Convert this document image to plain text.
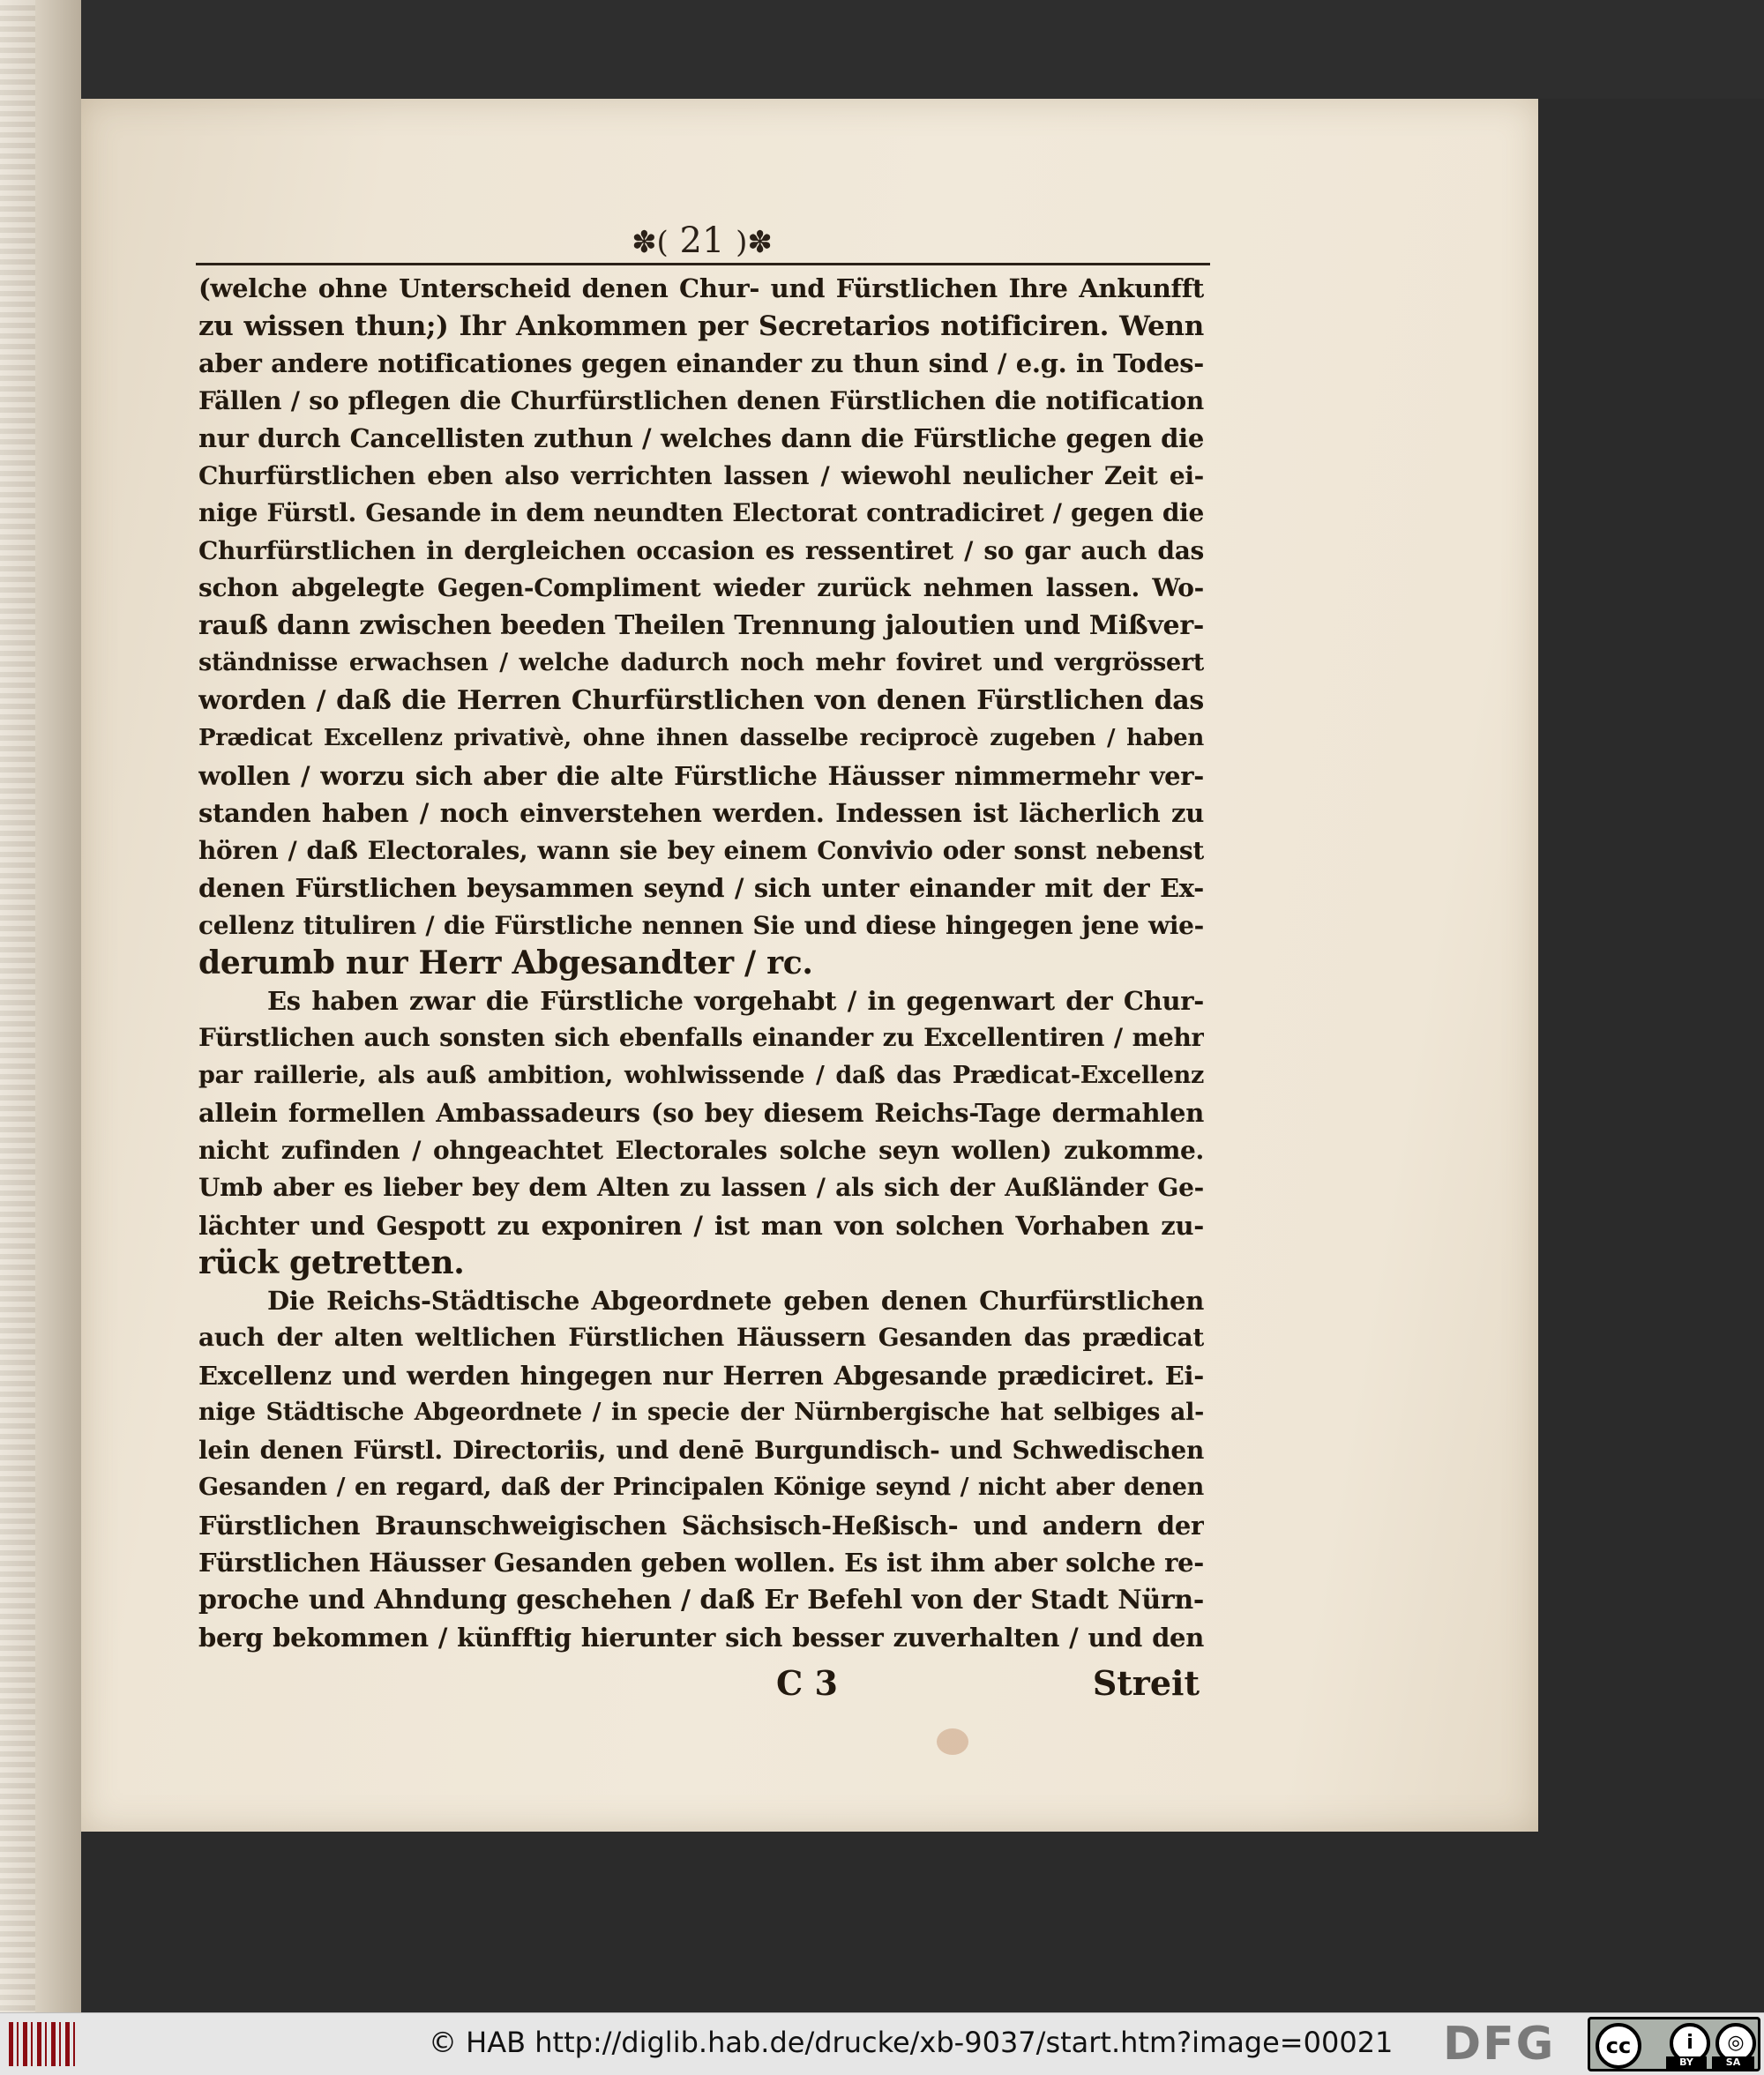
✽( 21 )✽
(welche ohne Unterscheid denen Chur- und Fürstlichen Ihre Ankunfft
zu wissen thun;) Ihr Ankommen per Secretarios notificiren. Wenn
aber andere notificationes gegen einander zu thun sind / e.g. in Todes-
Fällen / so pflegen die Churfürstlichen denen Fürstlichen die notification
nur durch Cancellisten zuthun / welches dann die Fürstliche gegen die
Churfürstlichen eben also verrichten lassen / wiewohl neulicher Zeit ei-
nige Fürstl. Gesande in dem neundten Electorat contradiciret / gegen die
Churfürstlichen in dergleichen occasion es ressentiret / so gar auch das
schon abgelegte Gegen-Compliment wieder zurück nehmen lassen. Wo-
rauß dann zwischen beeden Theilen Trennung jaloutien und Mißver-
ständnisse erwachsen / welche dadurch noch mehr foviret und vergrössert
worden / daß die Herren Churfürstlichen von denen Fürstlichen das
Prædicat Excellenz privativè, ohne ihnen dasselbe reciprocè zugeben / haben
wollen / worzu sich aber die alte Fürstliche Häusser nimmermehr ver-
standen haben / noch einverstehen werden. Indessen ist lächerlich zu
hören / daß Electorales, wann sie bey einem Convivio oder sonst nebenst
denen Fürstlichen beysammen seynd / sich unter einander mit der Ex-
cellenz tituliren / die Fürstliche nennen Sie und diese hingegen jene wie-
derumb nur Herr Abgesandter / rc.
Es haben zwar die Fürstliche vorgehabt / in gegenwart der Chur-
Fürstlichen auch sonsten sich ebenfalls einander zu Excellentiren / mehr
par raillerie, als auß ambition, wohlwissende / daß das Prædicat-Excellenz
allein formellen Ambassadeurs (so bey diesem Reichs-Tage dermahlen
nicht zufinden / ohngeachtet Electorales solche seyn wollen) zukomme.
Umb aber es lieber bey dem Alten zu lassen / als sich der Außländer Ge-
lächter und Gespott zu exponiren / ist man von solchen Vorhaben zu-
rück getretten.
Die Reichs-Städtische Abgeordnete geben denen Churfürstlichen
auch der alten weltlichen Fürstlichen Häussern Gesanden das prædicat
Excellenz und werden hingegen nur Herren Abgesande prædiciret. Ei-
nige Städtische Abgeordnete / in specie der Nürnbergische hat selbiges al-
lein denen Fürstl. Directoriis, und denē Burgundisch- und Schwedischen
Gesanden / en regard, daß der Principalen Könige seynd / nicht aber denen
Fürstlichen Braunschweigischen Sächsisch-Heßisch- und andern der
Fürstlichen Häusser Gesanden geben wollen. Es ist ihm aber solche re-
proche und Ahndung geschehen / daß Er Befehl von der Stadt Nürn-
berg bekommen / künfftig hierunter sich besser zuverhalten / und den
C 3	Streit
© HAB http://diglib.hab.de/drucke/xb-9037/start.htm?image=00021 DFG	cc	i	◎
BY	SA
